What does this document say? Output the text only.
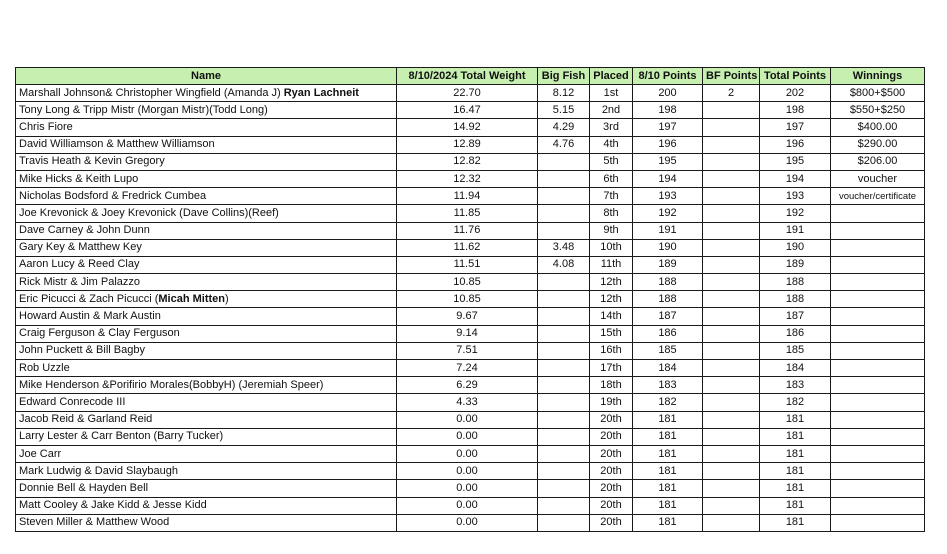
Name	8/10/2024 Total Weight	Big Fish	Placed	8/10 Points	BF Points	Total Points	Winnings
Marshall Johnson& Christopher Wingfield (Amanda J) Ryan Lachneit	22.70	8.12	1st	200	2	202	$800+$500
Tony Long & Tripp Mistr (Morgan Mistr)(Todd Long)	16.47	5.15	2nd	198		198	$550+$250
Chris Fiore	14.92	4.29	3rd	197		197	$400.00
David Williamson & Matthew Williamson	12.89	4.76	4th	196		196	$290.00
Travis Heath & Kevin Gregory	12.82		5th	195		195	$206.00
Mike Hicks & Keith Lupo	12.32		6th	194		194	voucher
Nicholas Bodsford & Fredrick Cumbea	11.94		7th	193		193	voucher/certificate
Joe Krevonick & Joey Krevonick (Dave Collins)(Reef)	11.85		8th	192		192	
Dave Carney & John Dunn	11.76		9th	191		191	
Gary Key & Matthew Key	11.62	3.48	10th	190		190	
Aaron Lucy & Reed Clay	11.51	4.08	11th	189		189	
Rick Mistr & Jim Palazzo	10.85		12th	188		188	
Eric Picucci & Zach Picucci (Micah Mitten)	10.85		12th	188		188	
Howard Austin & Mark Austin	9.67		14th	187		187	
Craig Ferguson & Clay Ferguson	9.14		15th	186		186	
John Puckett & Bill Bagby	7.51		16th	185		185	
Rob Uzzle	7.24		17th	184		184	
Mike Henderson &Porifirio Morales(BobbyH) (Jeremiah Speer)	6.29		18th	183		183	
Edward Conrecode III	4.33		19th	182		182	
Jacob Reid & Garland Reid	0.00		20th	181		181	
Larry Lester & Carr Benton (Barry Tucker)	0.00		20th	181		181	
Joe Carr	0.00		20th	181		181	
Mark Ludwig & David Slaybaugh	0.00		20th	181		181	
Donnie Bell & Hayden Bell	0.00		20th	181		181	
Matt Cooley & Jake Kidd & Jesse Kidd	0.00		20th	181		181	
Steven Miller & Matthew Wood	0.00		20th	181		181	
